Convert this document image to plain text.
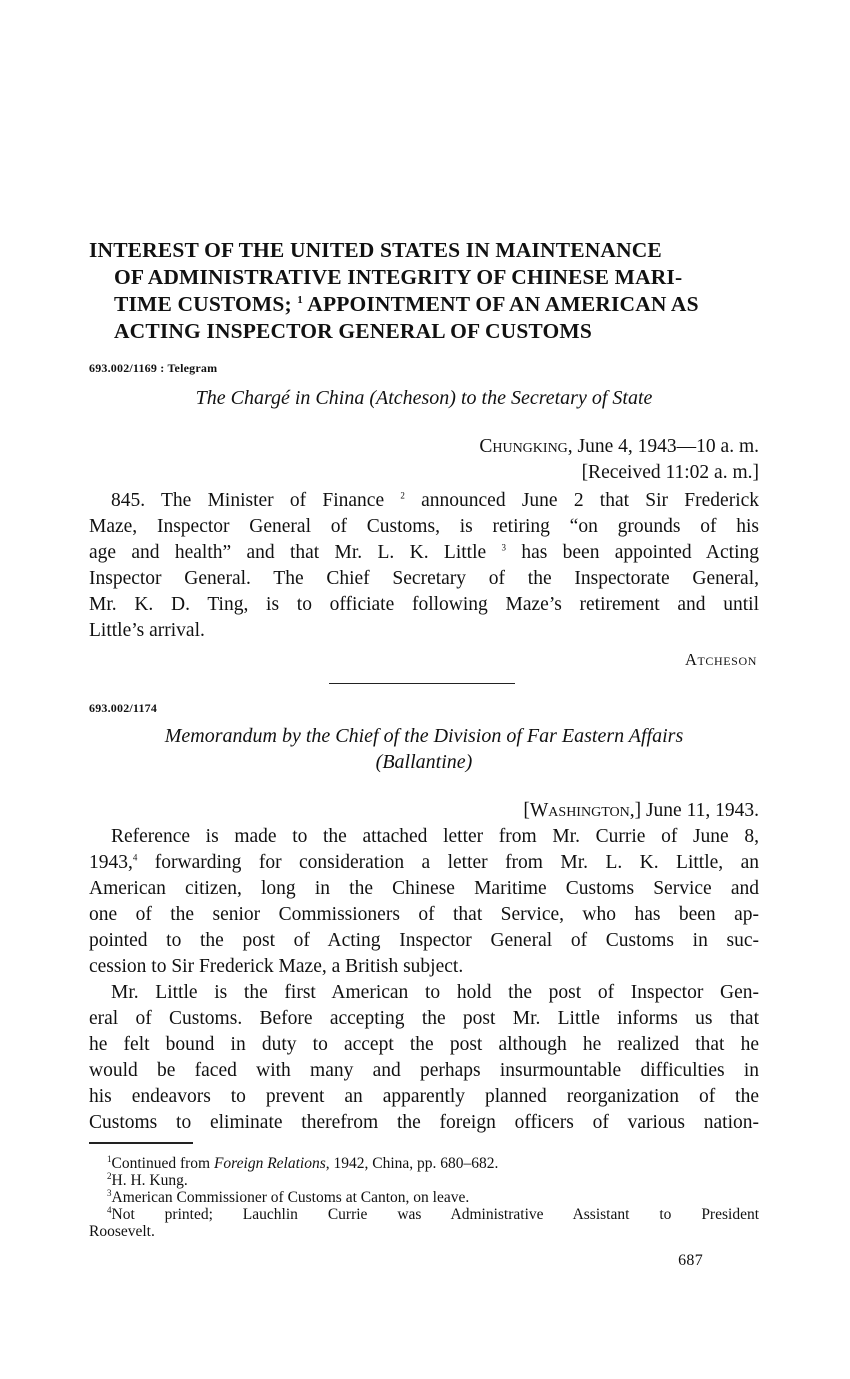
INTEREST OF THE UNITED STATES IN MAINTENANCE
OF ADMINISTRATIVE INTEGRITY OF CHINESE MARI-
TIME CUSTOMS; $^1$ APPOINTMENT OF AN AMERICAN AS
ACTING INSPECTOR GENERAL OF CUSTOMS
693.002/1169 : Telegram
The Chargé in China (Atcheson) to the Secretary of State
Chungking, June 4, 1943—10 a. m.
[Received 11:02 a. m.]

845. The Minister of Finance $^2$ announced June 2 that Sir Frederick
Maze, Inspector General of Customs, is retiring “on grounds of his
age and health” and that Mr. L. K. Little $^3$ has been appointed Acting
Inspector General. The Chief Secretary of the Inspectorate General,
Mr. K. D. Ting, is to officiate following Maze’s retirement and until
Little’s arrival.

Atcheson
693.002/1174
Memorandum by the Chief of the Division of Far Eastern Affairs
(Ballantine)
[Washington,] June 11, 1943.

Reference is made to the attached letter from Mr. Currie of June 8,
1943,$^4$ forwarding for consideration a letter from Mr. L. K. Little, an
American citizen, long in the Chinese Maritime Customs Service and
one of the senior Commissioners of that Service, who has been ap-
pointed to the post of Acting Inspector General of Customs in suc-
cession to Sir Frederick Maze, a British subject.

Mr. Little is the first American to hold the post of Inspector Gen-
eral of Customs. Before accepting the post Mr. Little informs us that
he felt bound in duty to accept the post although he realized that he
would be faced with many and perhaps insurmountable difficulties in
his endeavors to prevent an apparently planned reorganization of the
Customs to eliminate therefrom the foreign officers of various nation-

$^1$Continued from Foreign Relations, 1942, China, pp. 680–682.
$^2$H. H. Kung.
$^3$American Commissioner of Customs at Canton, on leave.
$^4$Not printed; Lauchlin Currie was Administrative Assistant to President
Roosevelt.
687
